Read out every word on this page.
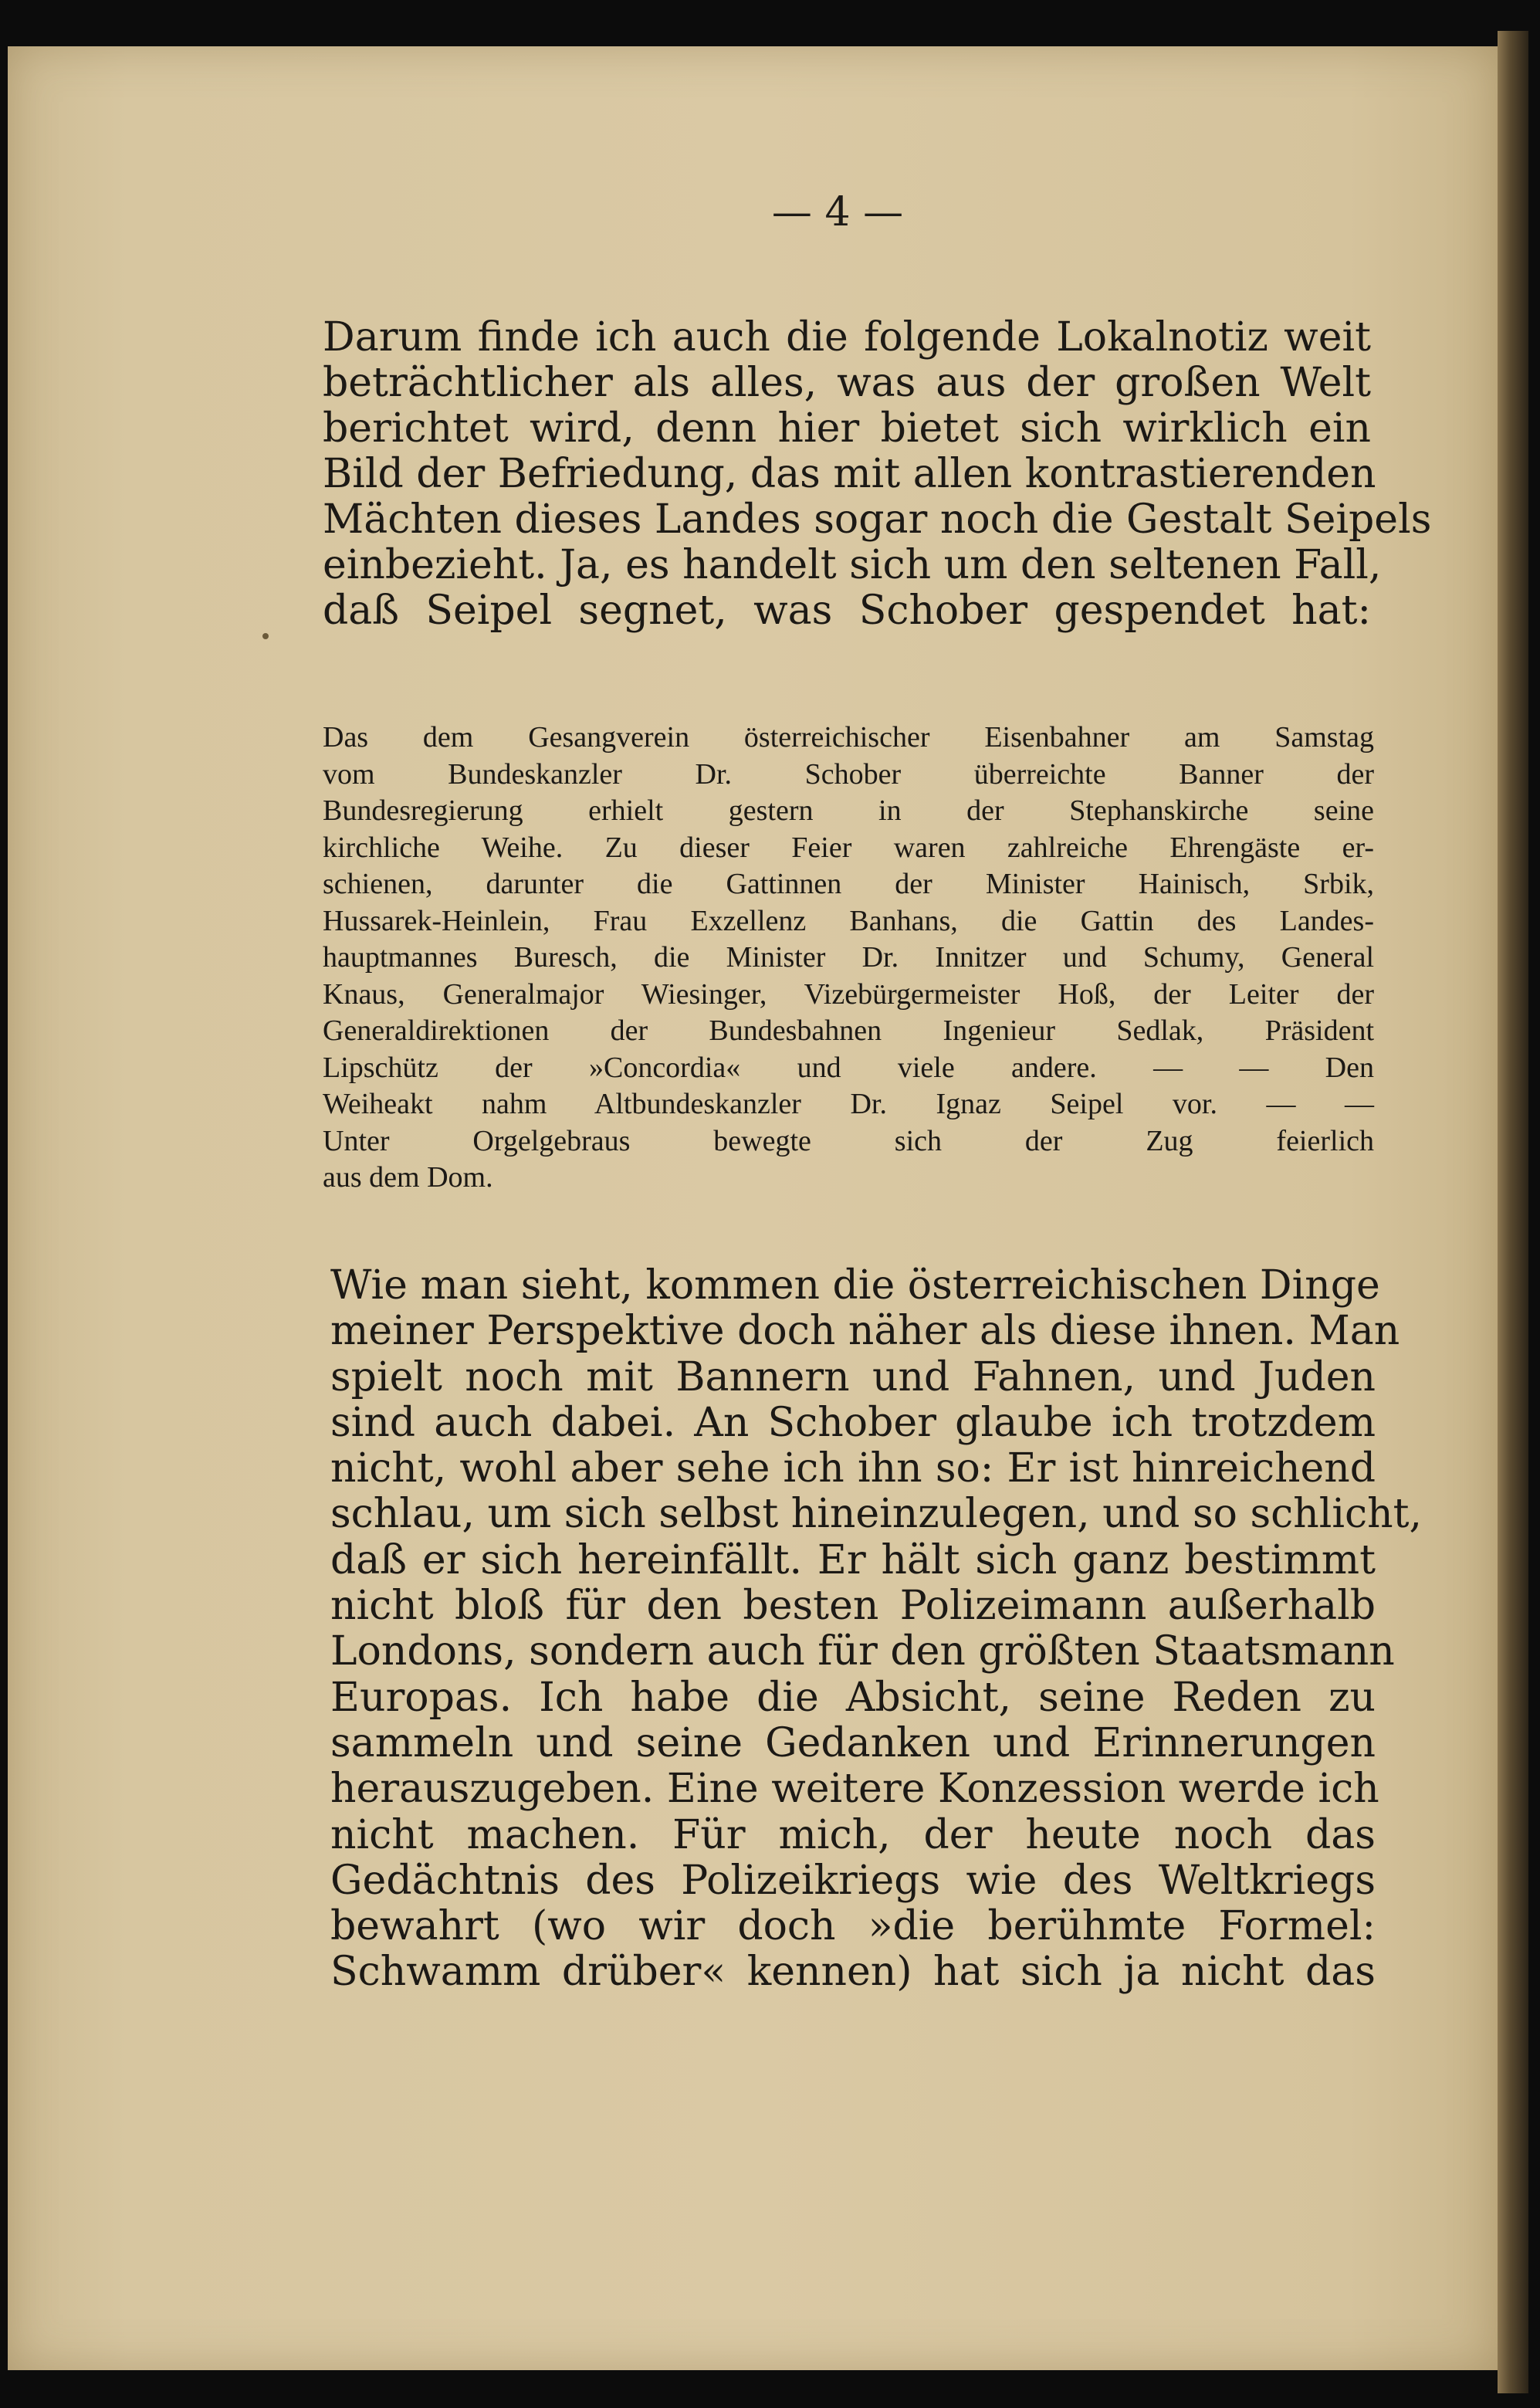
— 4 —
Darum finde ich auch die folgende Lokalnotiz weit
beträchtlicher als alles, was aus der großen Welt
berichtet wird, denn hier bietet sich wirklich ein
Bild der Befriedung, das mit allen kontrastierenden
Mächten dieses Landes sogar noch die Gestalt Seipels
einbezieht. Ja, es handelt sich um den seltenen Fall,
daß Seipel segnet, was Schober gespendet hat:
Das dem Gesangverein österreichischer Eisenbahner am Samstag
vom Bundeskanzler Dr. Schober überreichte Banner der
Bundesregierung erhielt gestern in der Stephanskirche seine
kirchliche Weihe. Zu dieser Feier waren zahlreiche Ehrengäste er-
schienen, darunter die Gattinnen der Minister Hainisch, Srbik,
Hussarek-Heinlein, Frau Exzellenz Banhans, die Gattin des Landes-
hauptmannes Buresch, die Minister Dr. Innitzer und Schumy, General
Knaus, Generalmajor Wiesinger, Vizebürgermeister Hoß, der Leiter der
Generaldirektionen der Bundesbahnen Ingenieur Sedlak, Präsident
Lipschütz der »Concordia« und viele andere. — — Den
Weiheakt nahm Altbundeskanzler Dr. Ignaz Seipel vor. — —
Unter Orgelgebraus bewegte sich der Zug feierlich
aus dem Dom.
Wie man sieht, kommen die österreichischen Dinge
meiner Perspektive doch näher als diese ihnen. Man
spielt noch mit Bannern und Fahnen, und Juden
sind auch dabei. An Schober glaube ich trotzdem
nicht, wohl aber sehe ich ihn so: Er ist hinreichend
schlau, um sich selbst hineinzulegen, und so schlicht,
daß er sich hereinfällt. Er hält sich ganz bestimmt
nicht bloß für den besten Polizeimann außerhalb
Londons, sondern auch für den größten Staatsmann
Europas. Ich habe die Absicht, seine Reden zu
sammeln und seine Gedanken und Erinnerungen
herauszugeben. Eine weitere Konzession werde ich
nicht machen. Für mich, der heute noch das
Gedächtnis des Polizeikriegs wie des Weltkriegs
bewahrt (wo wir doch »die berühmte Formel:
Schwamm drüber« kennen) hat sich ja nicht das
